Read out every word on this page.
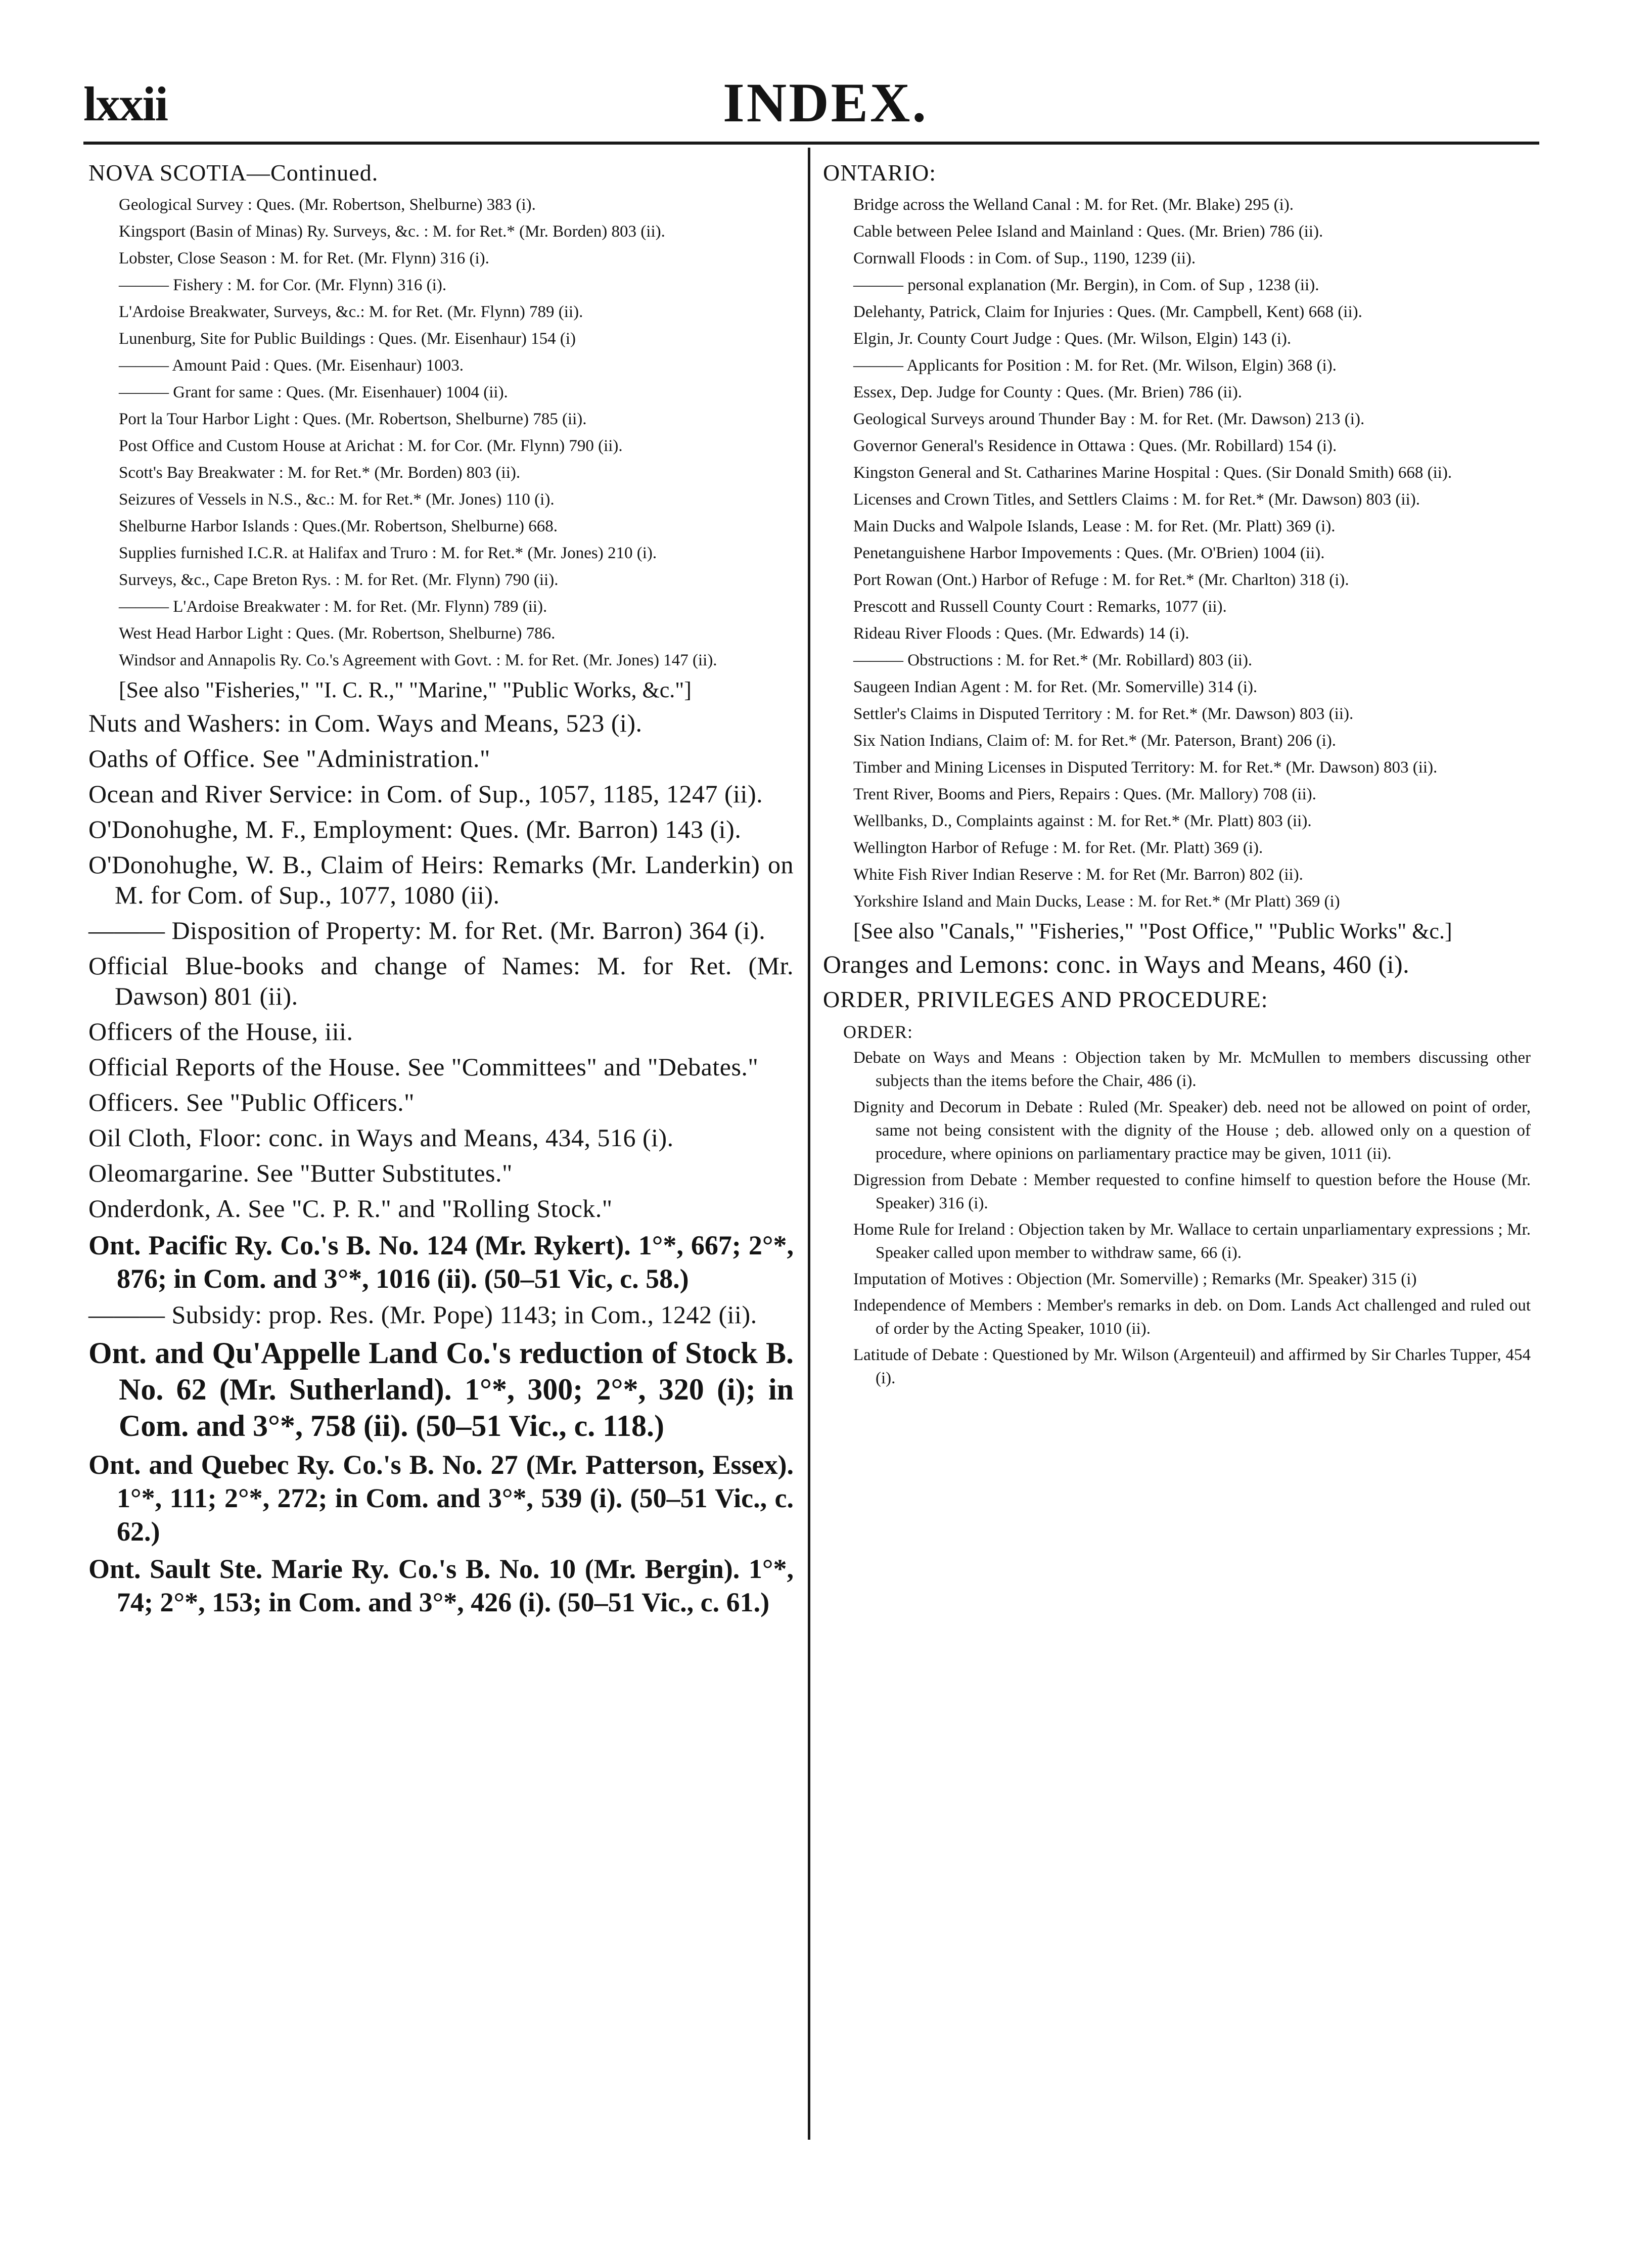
lxxii	INDEX.
NOVA SCOTIA—Continued.

Geological Survey : Ques. (Mr. Robertson, Shelburne) 383 (i).

Kingsport (Basin of Minas) Ry. Surveys, &c. : M. for Ret.* (Mr. Borden) 803 (ii).

Lobster, Close Season : M. for Ret. (Mr. Flynn) 316 (i).

——— Fishery : M. for Cor. (Mr. Flynn) 316 (i).

L'Ardoise Breakwater, Surveys, &c.: M. for Ret. (Mr. Flynn) 789 (ii).

Lunenburg, Site for Public Buildings : Ques. (Mr. Eisenhaur) 154 (i)

——— Amount Paid : Ques. (Mr. Eisenhaur) 1003.

——— Grant for same : Ques. (Mr. Eisenhauer) 1004 (ii).

Port la Tour Harbor Light : Ques. (Mr. Robertson, Shelburne) 785 (ii).

Post Office and Custom House at Arichat : M. for Cor. (Mr. Flynn) 790 (ii).

Scott's Bay Breakwater : M. for Ret.* (Mr. Borden) 803 (ii).

Seizures of Vessels in N.S., &c.: M. for Ret.* (Mr. Jones) 110 (i).

Shelburne Harbor Islands : Ques.(Mr. Robertson, Shelburne) 668.

Supplies furnished I.C.R. at Halifax and Truro : M. for Ret.* (Mr. Jones) 210 (i).

Surveys, &c., Cape Breton Rys. : M. for Ret. (Mr. Flynn) 790 (ii).

——— L'Ardoise Breakwater : M. for Ret. (Mr. Flynn) 789 (ii).

West Head Harbor Light : Ques. (Mr. Robertson, Shelburne) 786.

Windsor and Annapolis Ry. Co.'s Agreement with Govt. : M. for Ret. (Mr. Jones) 147 (ii).

[See also "Fisheries," "I. C. R.," "Marine," "Public Works, &c."]

Nuts and Washers: in Com. Ways and Means, 523 (i).

Oaths of Office. See "Administration."

Ocean and River Service: in Com. of Sup., 1057, 1185, 1247 (ii).

O'Donohughe, M. F., Employment: Ques. (Mr. Barron) 143 (i).

O'Donohughe, W. B., Claim of Heirs: Remarks (Mr. Landerkin) on M. for Com. of Sup., 1077, 1080 (ii).

——— Disposition of Property: M. for Ret. (Mr. Barron) 364 (i).

Official Blue-books and change of Names: M. for Ret. (Mr. Dawson) 801 (ii).

Officers of the House, iii.

Official Reports of the House. See "Committees" and "Debates."

Officers. See "Public Officers."

Oil Cloth, Floor: conc. in Ways and Means, 434, 516 (i).

Oleomargarine. See "Butter Substitutes."

Onderdonk, A. See "C. P. R." and "Rolling Stock."

Ont. Pacific Ry. Co.'s B. No. 124 (Mr. Rykert). 1°*, 667; 2°*, 876; in Com. and 3°*, 1016 (ii). (50–51 Vic, c. 58.)

——— Subsidy: prop. Res. (Mr. Pope) 1143; in Com., 1242 (ii).

Ont. and Qu'Appelle Land Co.'s reduction of Stock B. No. 62 (Mr. Sutherland). 1°*, 300; 2°*, 320 (i); in Com. and 3°*, 758 (ii). (50–51 Vic., c. 118.)

Ont. and Quebec Ry. Co.'s B. No. 27 (Mr. Patterson, Essex). 1°*, 111; 2°*, 272; in Com. and 3°*, 539 (i). (50–51 Vic., c. 62.)

Ont. Sault Ste. Marie Ry. Co.'s B. No. 10 (Mr. Bergin). 1°*, 74; 2°*, 153; in Com. and 3°*, 426 (i). (50–51 Vic., c. 61.)

ONTARIO:

Bridge across the Welland Canal : M. for Ret. (Mr. Blake) 295 (i).

Cable between Pelee Island and Mainland : Ques. (Mr. Brien) 786 (ii).

Cornwall Floods : in Com. of Sup., 1190, 1239 (ii).

——— personal explanation (Mr. Bergin), in Com. of Sup , 1238 (ii).

Delehanty, Patrick, Claim for Injuries : Ques. (Mr. Campbell, Kent) 668 (ii).

Elgin, Jr. County Court Judge : Ques. (Mr. Wilson, Elgin) 143 (i).

——— Applicants for Position : M. for Ret. (Mr. Wilson, Elgin) 368 (i).

Essex, Dep. Judge for County : Ques. (Mr. Brien) 786 (ii).

Geological Surveys around Thunder Bay : M. for Ret. (Mr. Dawson) 213 (i).

Governor General's Residence in Ottawa : Ques. (Mr. Robillard) 154 (i).

Kingston General and St. Catharines Marine Hospital : Ques. (Sir Donald Smith) 668 (ii).

Licenses and Crown Titles, and Settlers Claims : M. for Ret.* (Mr. Dawson) 803 (ii).

Main Ducks and Walpole Islands, Lease : M. for Ret. (Mr. Platt) 369 (i).

Penetanguishene Harbor Impovements : Ques. (Mr. O'Brien) 1004 (ii).

Port Rowan (Ont.) Harbor of Refuge : M. for Ret.* (Mr. Charlton) 318 (i).

Prescott and Russell County Court : Remarks, 1077 (ii).

Rideau River Floods : Ques. (Mr. Edwards) 14 (i).

——— Obstructions : M. for Ret.* (Mr. Robillard) 803 (ii).

Saugeen Indian Agent : M. for Ret. (Mr. Somerville) 314 (i).

Settler's Claims in Disputed Territory : M. for Ret.* (Mr. Dawson) 803 (ii).

Six Nation Indians, Claim of: M. for Ret.* (Mr. Paterson, Brant) 206 (i).

Timber and Mining Licenses in Disputed Territory: M. for Ret.* (Mr. Dawson) 803 (ii).

Trent River, Booms and Piers, Repairs : Ques. (Mr. Mallory) 708 (ii).

Wellbanks, D., Complaints against : M. for Ret.* (Mr. Platt) 803 (ii).

Wellington Harbor of Refuge : M. for Ret. (Mr. Platt) 369 (i).

White Fish River Indian Reserve : M. for Ret (Mr. Barron) 802 (ii).

Yorkshire Island and Main Ducks, Lease : M. for Ret.* (Mr Platt) 369 (i)

[See also "Canals," "Fisheries," "Post Office," "Public Works" &c.]

Oranges and Lemons: conc. in Ways and Means, 460 (i).

ORDER, PRIVILEGES AND PROCEDURE:
ORDER:

Debate on Ways and Means : Objection taken by Mr. McMullen to members discussing other subjects than the items before the Chair, 486 (i).

Dignity and Decorum in Debate : Ruled (Mr. Speaker) deb. need not be allowed on point of order, same not being consistent with the dignity of the House ; deb. allowed only on a question of procedure, where opinions on parliamentary practice may be given, 1011 (ii).

Digression from Debate : Member requested to confine himself to question before the House (Mr. Speaker) 316 (i).

Home Rule for Ireland : Objection taken by Mr. Wallace to certain unparliamentary expressions ; Mr. Speaker called upon member to withdraw same, 66 (i).

Imputation of Motives : Objection (Mr. Somerville) ; Remarks (Mr. Speaker) 315 (i)

Independence of Members : Member's remarks in deb. on Dom. Lands Act challenged and ruled out of order by the Acting Speaker, 1010 (ii).

Latitude of Debate : Questioned by Mr. Wilson (Argenteuil) and affirmed by Sir Charles Tupper, 454 (i).
